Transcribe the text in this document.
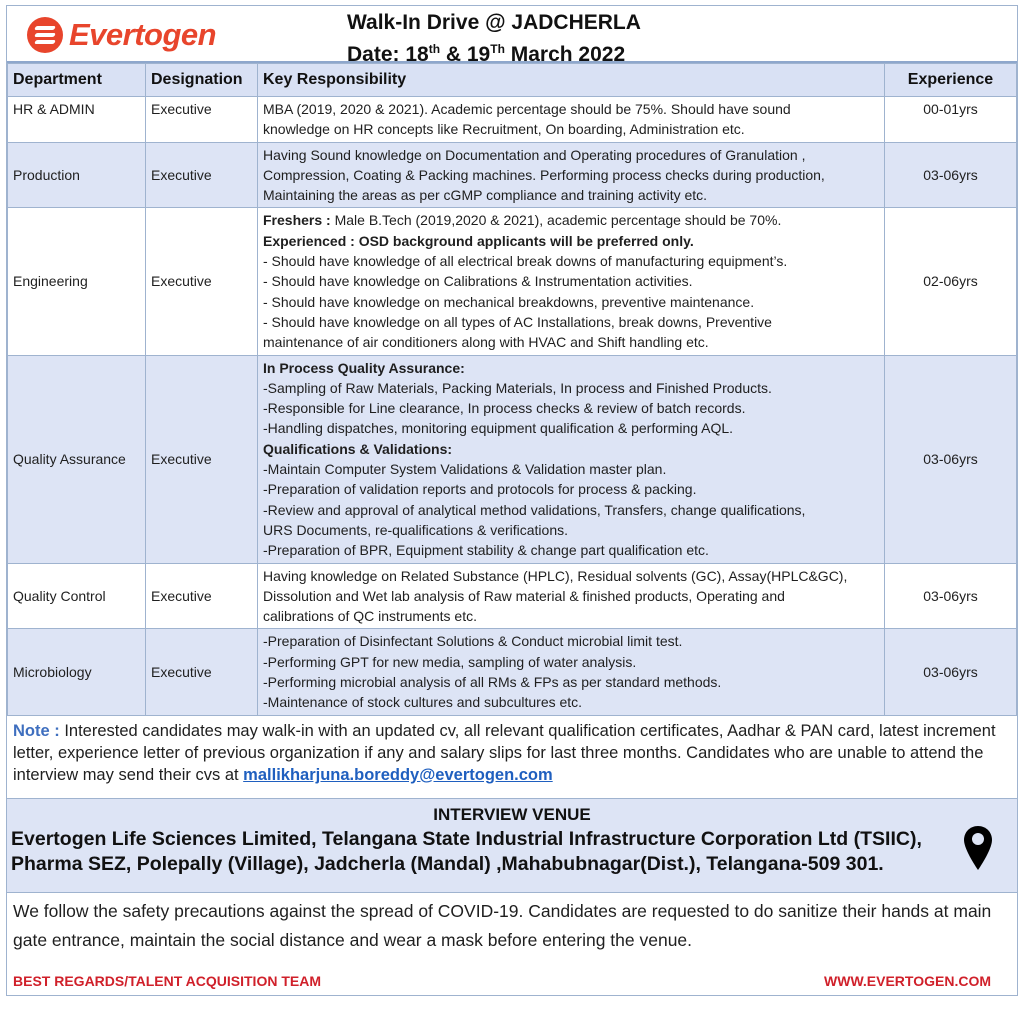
Evertogen	Walk-In Drive @ JADCHERLA
Date: 18th & 19Th March 2022
Department	Designation	Key Responsibility	Experience
HR & ADMIN	Executive	MBA (2019, 2020 & 2021). Academic percentage should be 75%. Should have sound
knowledge on HR concepts like Recruitment, On boarding, Administration etc.	00-01yrs
Production	Executive	Having Sound knowledge on Documentation and Operating procedures of Granulation ,
Compression, Coating & Packing machines. Performing process checks during production,
Maintaining the areas as per cGMP compliance and training activity etc.	03-06yrs
Engineering	Executive	
Freshers : Male B.Tech (2019,2020 & 2021), academic percentage should be 70%.
Experienced : OSD background applicants will be preferred only.
- Should have knowledge of all electrical break downs of manufacturing equipment’s.
- Should have knowledge on Calibrations & Instrumentation activities.
- Should have knowledge on mechanical breakdowns, preventive maintenance.
- Should have knowledge on all types of AC Installations, break downs, Preventive
maintenance of air conditioners along with HVAC and Shift handling etc.
	02-06yrs
Quality Assurance	Executive	
In Process Quality Assurance:
-Sampling of Raw Materials, Packing Materials, In process and Finished Products.
-Responsible for Line clearance, In process checks & review of batch records.
-Handling dispatches, monitoring equipment qualification & performing AQL.
Qualifications & Validations:
-Maintain Computer System Validations & Validation master plan.
-Preparation of validation reports and protocols for process & packing.
-Review and approval of analytical method validations, Transfers, change qualifications,
URS Documents, re-qualifications & verifications.
-Preparation of BPR, Equipment stability & change part qualification etc.
	03-06yrs
Quality Control	Executive	Having knowledge on Related Substance (HPLC), Residual solvents (GC), Assay(HPLC&GC),
Dissolution and Wet lab analysis of Raw material & finished products, Operating and
calibrations of QC instruments etc.	03-06yrs
Microbiology	Executive	-Preparation of Disinfectant Solutions & Conduct microbial limit test.
-Performing GPT for new media, sampling of water analysis.
-Performing microbial analysis of all RMs & FPs as per standard methods.
-Maintenance of stock cultures and subcultures etc.	03-06yrs
Note : Interested candidates may walk-in with an updated cv, all relevant qualification certificates, Aadhar & PAN card, latest increment letter, experience letter of previous organization if any and salary slips for last three months. Candidates who are unable to attend the interview may send their cvs at mallikharjuna.boreddy@evertogen.com
INTERVIEW VENUE
Evertogen Life Sciences Limited, Telangana State Industrial Infrastructure Corporation Ltd (TSIIC),
Pharma SEZ, Polepally (Village), Jadcherla (Mandal) ,Mahabubnagar(Dist.), Telangana-509 301.
We follow the safety precautions against the spread of COVID-19. Candidates are requested to do sanitize their hands at main gate entrance, maintain the social distance and wear a mask before entering the venue.
BEST REGARDS/TALENT ACQUISITION TEAM	WWW.EVERTOGEN.COM
